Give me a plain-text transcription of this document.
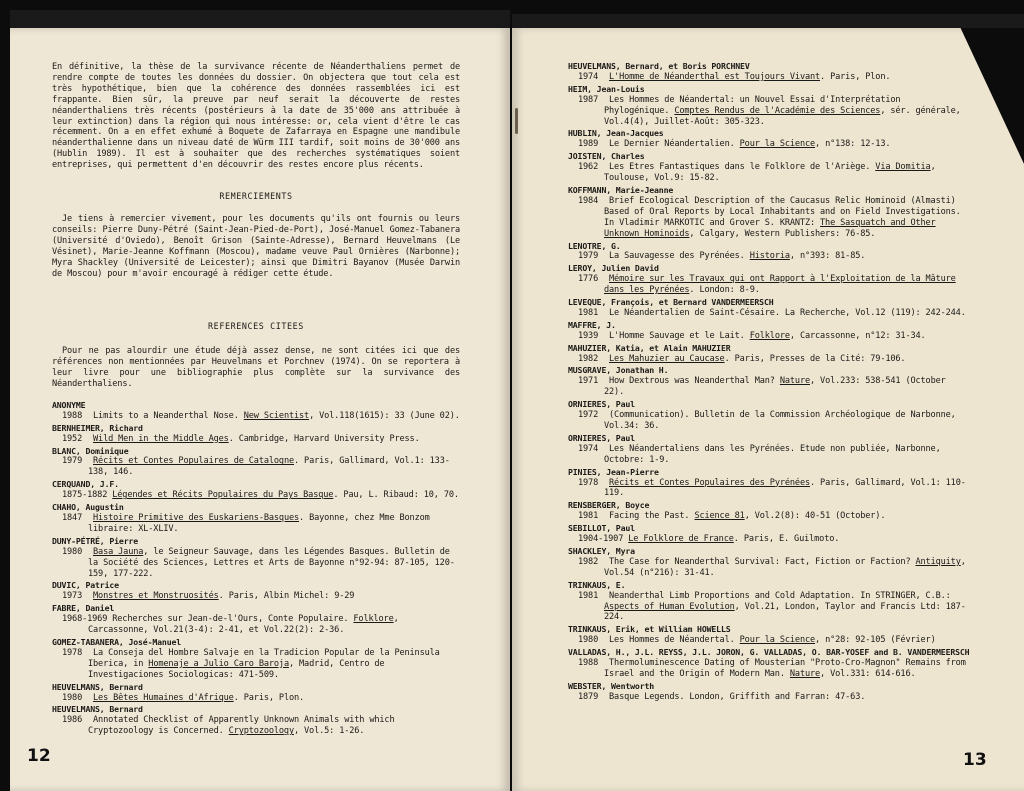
En définitive, la thèse de la survivance récente de Néanderthaliens permet de rendre compte de toutes les données du dossier. On objectera que tout cela est très hypothétique, bien que la cohérence des données rassemblées ici est frappante. Bien sûr, la preuve par neuf serait la découverte de restes néanderthaliens très récents (postérieurs à la date de 35'000 ans attribuée à leur extinction) dans la région qui nous intéresse: or, cela vient d'être le cas récemment. On a en effet exhumé à Boquete de Zafarraya en Espagne une mandibule néanderthalienne dans un niveau daté de Würm III tardif, soit moins de 30'000 ans (Hublin 1989). Il est à souhaiter que des recherches systématiques soient entreprises, qui permettent d'en découvrir des restes encore plus récents.

REMERCIEMENTS

Je tiens à remercier vivement, pour les documents qu'ils ont fournis ou leurs conseils: Pierre Duny-Pétré (Saint-Jean-Pied-de-Port), José-Manuel Gomez-Tabanera (Université d'Oviedo), Benoît Grison (Sainte-Adresse), Bernard Heuvelmans (Le Vésinet), Marie-Jeanne Koffmann (Moscou), madame veuve Paul Ornières (Narbonne); Myra Shackley (Université de Leicester); ainsi que Dimitri Bayanov (Musée Darwin de Moscou) pour m'avoir encouragé à rédiger cette étude.

REFERENCES CITEES

Pour ne pas alourdir une étude déjà assez dense, ne sont citées ici que des références non mentionnées par Heuvelmans et Porchnev (1974). On se reportera à leur livre pour une bibliographie plus complète sur la survivance des Néanderthaliens.

ANONYME
1988 Limits to a Neanderthal Nose. New Scientist, Vol.118(1615): 33 (June 02).
BERNHEIMER, Richard
1952 Wild Men in the Middle Ages. Cambridge, Harvard University Press.
BLANC, Dominique
1979 Récits et Contes Populaires de Catalogne. Paris, Gallimard, Vol.1: 133-138, 146.
CERQUAND, J.F.
1875-1882 Légendes et Récits Populaires du Pays Basque. Pau, L. Ribaud: 10, 70.
CHAHO, Augustin
1847 Histoire Primitive des Euskariens-Basques. Bayonne, chez Mme Bonzom libraire: XL-XLIV.
DUNY-PÉTRÉ, Pierre
1980 Basa Jauna, le Seigneur Sauvage, dans les Légendes Basques. Bulletin de la Société des Sciences, Lettres et Arts de Bayonne n°92-94: 87-105, 120-159, 177-222.
DUVIC, Patrice
1973 Monstres et Monstruosités. Paris, Albin Michel: 9-29
FABRE, Daniel
1968-1969 Recherches sur Jean-de-l'Ours, Conte Populaire. Folklore, Carcassonne, Vol.21(3-4): 2-41, et Vol.22(2): 2-36.
GOMEZ-TABANERA, José-Manuel
1978 La Conseja del Hombre Salvaje en la Tradicion Popular de la Peninsula Iberica, in Homenaje a Julio Caro Baroja, Madrid, Centro de Investigaciones Sociologicas: 471-509.
HEUVELMANS, Bernard
1980 Les Bêtes Humaines d'Afrique. Paris, Plon.
HEUVELMANS, Bernard
1986 Annotated Checklist of Apparently Unknown Animals with which Cryptozoology is Concerned. Cryptozoology, Vol.5: 1-26.
HEUVELMANS, Bernard, et Boris PORCHNEV
1974 L'Homme de Néanderthal est Toujours Vivant. Paris, Plon.
HEIM, Jean-Louis
1987 Les Hommes de Néandertal: un Nouvel Essai d'Interprétation Phylogénique. Comptes Rendus de l'Académie des Sciences, sér. générale, Vol.4(4), Juillet-Août: 305-323.
HUBLIN, Jean-Jacques
1989 Le Dernier Néandertalien. Pour la Science, n°138: 12-13.
JOISTEN, Charles
1962 Les Etres Fantastiques dans le Folklore de l'Ariège. Via Domitia, Toulouse, Vol.9: 15-82.
KOFFMANN, Marie-Jeanne
1984 Brief Ecological Description of the Caucasus Relic Hominoid (Almasti) Based of Oral Reports by Local Inhabitants and on Field Investigations. In Vladimir MARKOTIC and Grover S. KRANTZ: The Sasquatch and Other Unknown Hominoids, Calgary, Western Publishers: 76-85.
LENOTRE, G.
1979 La Sauvagesse des Pyrénées. Historia, n°393: 81-85.
LEROY, Julien David
1776 Mémoire sur les Travaux qui ont Rapport à l'Exploitation de la Mâture dans les Pyrénées. London: 8-9.
LEVEQUE, François, et Bernard VANDERMEERSCH
1981 Le Néandertalien de Saint-Césaire. La Recherche, Vol.12 (119): 242-244.
MAFFRE, J.
1939 L'Homme Sauvage et le Lait. Folklore, Carcassonne, n°12: 31-34.
MAHUZIER, Katia, et Alain MAHUZIER
1982 Les Mahuzier au Caucase. Paris, Presses de la Cité: 79-106.
MUSGRAVE, Jonathan H.
1971 How Dextrous was Neanderthal Man? Nature, Vol.233: 538-541 (October 22).
ORNIERES, Paul
1972 (Communication). Bulletin de la Commission Archéologique de Narbonne, Vol.34: 36.
ORNIERES, Paul
1974 Les Néandertaliens dans les Pyrénées. Etude non publiée, Narbonne, Octobre: 1-9.
PINIES, Jean-Pierre
1978 Récits et Contes Populaires des Pyrénées. Paris, Gallimard, Vol.1: 110-119.
RENSBERGER, Boyce
1981 Facing the Past. Science 81, Vol.2(8): 40-51 (October).
SEBILLOT, Paul
1904-1907 Le Folklore de France. Paris, E. Guilmoto.
SHACKLEY, Myra
1982 The Case for Neanderthal Survival: Fact, Fiction or Faction? Antiquity, Vol.54 (n°216): 31-41.
TRINKAUS, E.
1981 Neanderthal Limb Proportions and Cold Adaptation. In STRINGER, C.B.: Aspects of Human Evolution, Vol.21, London, Taylor and Francis Ltd: 187-224.
TRINKAUS, Erik, et William HOWELLS
1980 Les Hommes de Néandertal. Pour la Science, n°28: 92-105 (Février)
VALLADAS, H., J.L. REYSS, J.L. JORON, G. VALLADAS, O. BAR-YOSEF and B. VANDERMEERSCH
1988 Thermoluminescence Dating of Mousterian "Proto-Cro-Magnon" Remains from Israel and the Origin of Modern Man. Nature, Vol.331: 614-616.
WEBSTER, Wentworth
1879 Basque Legends. London, Griffith and Farran: 47-63.
12	13
